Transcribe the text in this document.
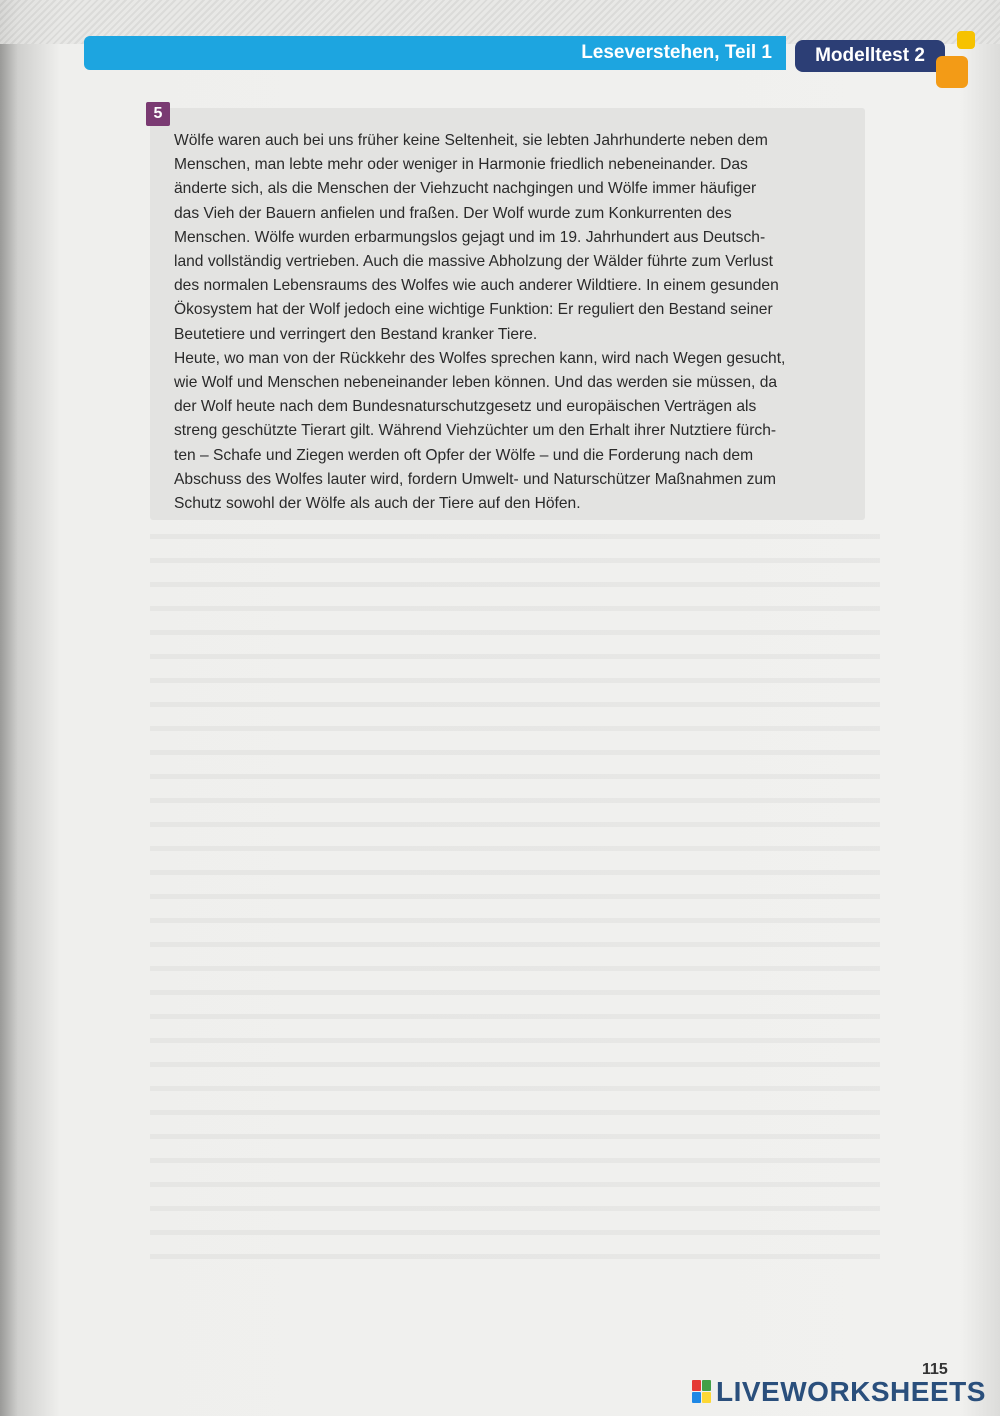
Leseverstehen, Teil 1	Modelltest 2
5
Wölfe waren auch bei uns früher keine Seltenheit, sie lebten Jahrhunderte neben dem
Menschen, man lebte mehr oder weniger in Harmonie friedlich nebeneinander. Das
änderte sich, als die Menschen der Viehzucht nachgingen und Wölfe immer häufiger
das Vieh der Bauern anfielen und fraßen. Der Wolf wurde zum Konkurrenten des
Menschen. Wölfe wurden erbarmungslos gejagt und im 19. Jahrhundert aus Deutsch-
land vollständig vertrieben. Auch die massive Abholzung der Wälder führte zum Verlust
des normalen Lebensraums des Wolfes wie auch anderer Wildtiere. In einem gesunden
Ökosystem hat der Wolf jedoch eine wichtige Funktion: Er reguliert den Bestand seiner
Beutetiere und verringert den Bestand kranker Tiere.
Heute, wo man von der Rückkehr des Wolfes sprechen kann, wird nach Wegen gesucht,
wie Wolf und Menschen nebeneinander leben können. Und das werden sie müssen, da
der Wolf heute nach dem Bundesnaturschutzgesetz und europäischen Verträgen als
streng geschützte Tierart gilt. Während Viehzüchter um den Erhalt ihrer Nutztiere fürch-
ten – Schafe und Ziegen werden oft Opfer der Wölfe – und die Forderung nach dem
Abschuss des Wolfes lauter wird, fordern Umwelt- und Naturschützer Maßnahmen zum
Schutz sowohl der Wölfe als auch der Tiere auf den Höfen.
115
LIVEWORKSHEETS
